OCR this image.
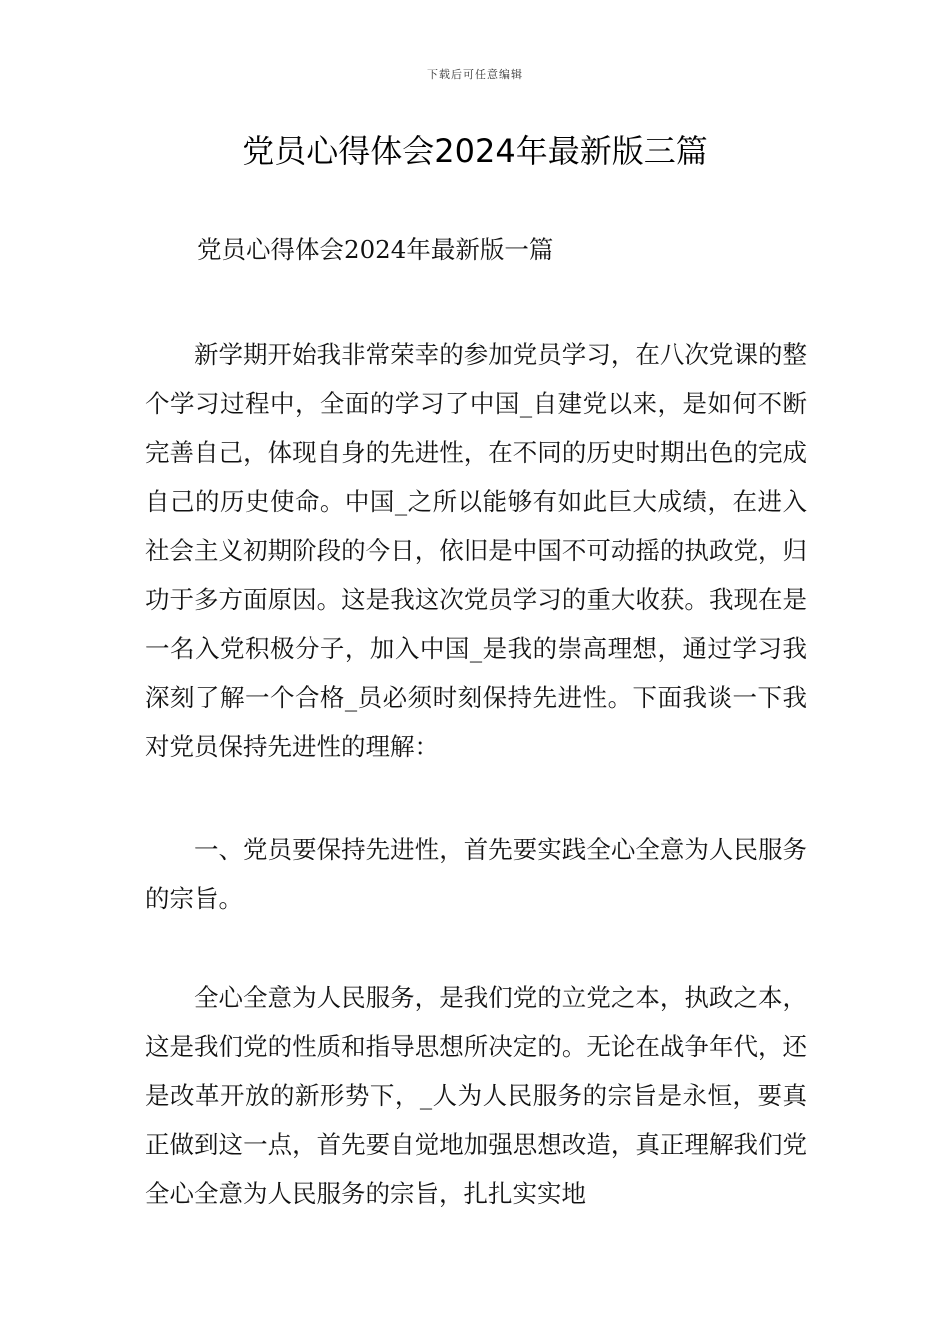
下载后可任意编辑
党员心得体会2024年最新版三篇
党员心得体会2024年最新版一篇

新学期开始我非常荣幸的参加党员学习，在八次党课的整个学习过程中，全面的学习了中国_自建党以来，是如何不断完善自己，体现自身的先进性，在不同的历史时期出色的完成自己的历史使命。中国_之所以能够有如此巨大成绩，在进入社会主义初期阶段的今日，依旧是中国不可动摇的执政党，归功于多方面原因。这是我这次党员学习的重大收获。我现在是一名入党积极分子，加入中国_是我的崇高理想，通过学习我深刻了解一个合格_员必须时刻保持先进性。下面我谈一下我对党员保持先进性的理解：

一、党员要保持先进性，首先要实践全心全意为人民服务的宗旨。

全心全意为人民服务，是我们党的立党之本，执政之本，这是我们党的性质和指导思想所决定的。无论在战争年代，还是改革开放的新形势下，_人为人民服务的宗旨是永恒，要真正做到这一点，首先要自觉地加强思想改造，真正理解我们党全心全意为人民服务的宗旨，扎扎实实地
